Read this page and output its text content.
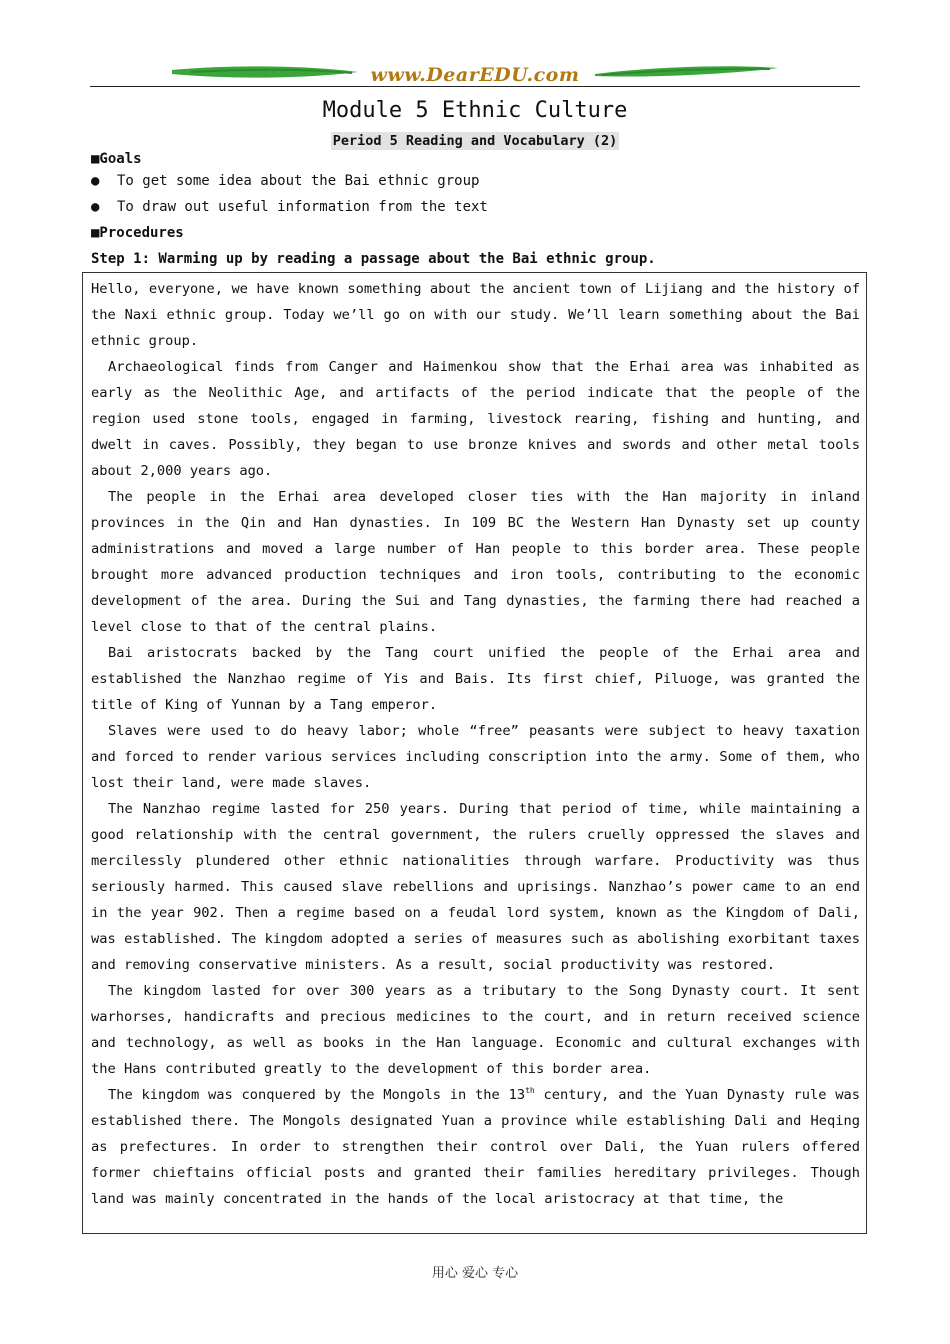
www.DearEDU.com
Module 5 Ethnic Culture
Period 5 Reading and Vocabulary (2)
■Goals
● To get some idea about the Bai ethnic group
● To draw out useful information from the text
■Procedures
Step 1: Warming up by reading a passage about the Bai ethnic group.

Hello, everyone, we have known something about the ancient town of Lijiang and the history of the Naxi ethnic group. Today we’ll go on with our study. We’ll learn something about the Bai ethnic group.

Archaeological finds from Canger and Haimenkou show that the Erhai area was inhabited as early as the Neolithic Age, and artifacts of the period indicate that the people of the region used stone tools, engaged in farming, livestock rearing, fishing and hunting, and dwelt in caves. Possibly, they began to use bronze knives and swords and other metal tools about 2,000 years ago.

The people in the Erhai area developed closer ties with the Han majority in inland provinces in the Qin and Han dynasties. In 109 BC the Western Han Dynasty set up county administrations and moved a large number of Han people to this border area. These people brought more advanced production techniques and iron tools, contributing to the economic development of the area. During the Sui and Tang dynasties, the farming there had reached a level close to that of the central plains.

Bai aristocrats backed by the Tang court unified the people of the Erhai area and established the Nanzhao regime of Yis and Bais. Its first chief, Piluoge, was granted the title of King of Yunnan by a Tang emperor.

Slaves were used to do heavy labor; whole “free” peasants were subject to heavy taxation and forced to render various services including conscription into the army. Some of them, who lost their land, were made slaves.

The Nanzhao regime lasted for 250 years. During that period of time, while maintaining a good relationship with the central government, the rulers cruelly oppressed the slaves and mercilessly plundered other ethnic nationalities through warfare. Productivity was thus seriously harmed. This caused slave rebellions and uprisings. Nanzhao’s power came to an end in the year 902. Then a regime based on a feudal lord system, known as the Kingdom of Dali, was established. The kingdom adopted a series of measures such as abolishing exorbitant taxes and removing conservative ministers. As a result, social productivity was restored.

The kingdom lasted for over 300 years as a tributary to the Song Dynasty court. It sent warhorses, handicrafts and precious medicines to the court, and in return received science and technology, as well as books in the Han language. Economic and cultural exchanges with the Hans contributed greatly to the development of this border area.

The kingdom was conquered by the Mongols in the 13th century, and the Yuan Dynasty rule was established there. The Mongols designated Yuan a province while establishing Dali and Heqing as prefectures. In order to strengthen their control over Dali, the Yuan rulers offered former chieftains official posts and granted their families hereditary privileges. Though land was mainly concentrated in the hands of the local aristocracy at that time, the

用心 爱心 专心
